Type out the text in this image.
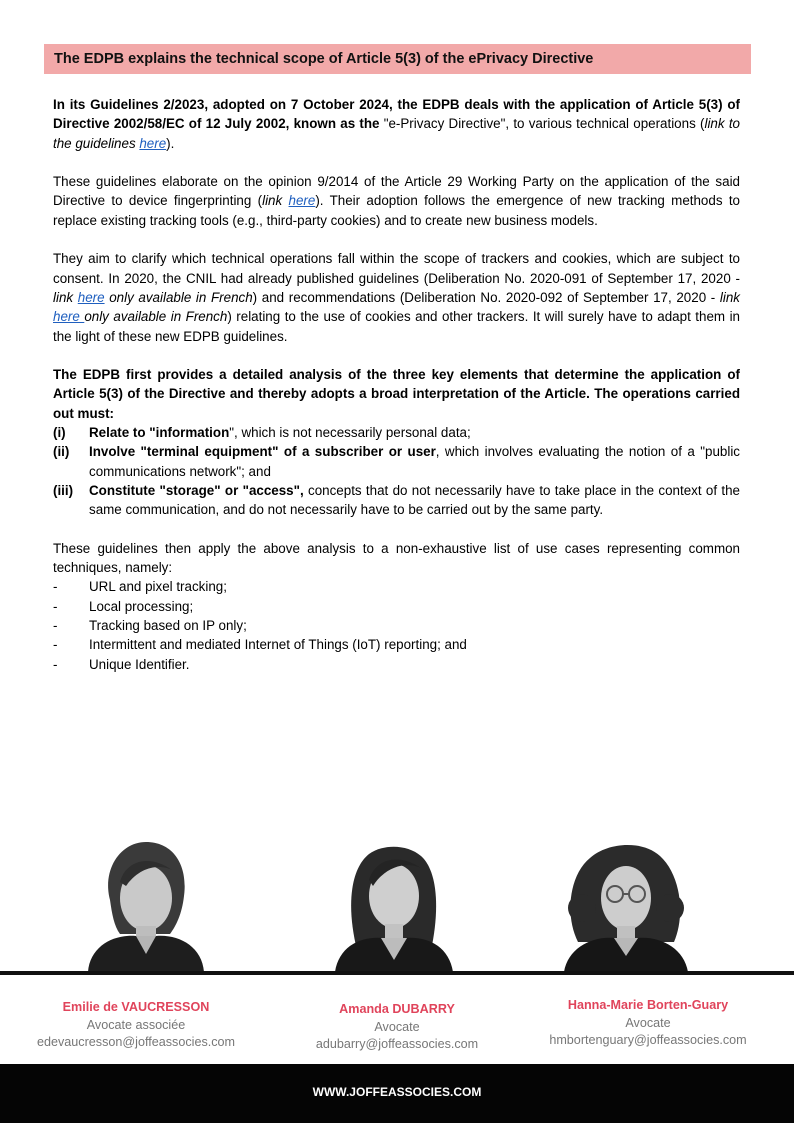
The EDPB explains the technical scope of Article 5(3) of the ePrivacy Directive

In its Guidelines 2/2023, adopted on 7 October 2024, the EDPB deals with the application of Article 5(3) of Directive 2002/58/EC of 12 July 2002, known as the "e-Privacy Directive", to various technical operations (link to the guidelines here).

These guidelines elaborate on the opinion 9/2014 of the Article 29 Working Party on the application of the said Directive to device fingerprinting (link here). Their adoption follows the emergence of new tracking methods to replace existing tracking tools (e.g., third-party cookies) and to create new business models.

They aim to clarify which technical operations fall within the scope of trackers and cookies, which are subject to consent. In 2020, the CNIL had already published guidelines (Deliberation No. 2020-091 of September 17, 2020 - link here only available in French) and recommendations (Deliberation No. 2020-092 of September 17, 2020 - link here only available in French) relating to the use of cookies and other trackers. It will surely have to adapt them in the light of these new EDPB guidelines.

The EDPB first provides a detailed analysis of the three key elements that determine the application of Article 5(3) of the Directive and thereby adopts a broad interpretation of the Article. The operations carried out must:

(i)	Relate to "information", which is not necessarily personal data;
(ii)	Involve "terminal equipment" of a subscriber or user, which involves evaluating the notion of a "public communications network"; and
(iii)	Constitute "storage" or "access", concepts that do not necessarily have to take place in the context of the same communication, and do not necessarily have to be carried out by the same party.

These guidelines then apply the above analysis to a non-exhaustive list of use cases representing common techniques, namely:

-	URL and pixel tracking;
-	Local processing;
-	Tracking based on IP only;
-	Intermittent and mediated Internet of Things (IoT) reporting; and
-	Unique Identifier.
Emilie de VAUCRESSON
Avocate associée
edevaucresson@joffeassocies.com
Amanda DUBARRY
Avocate
adubarry@joffeassocies.com
Hanna-Marie Borten-Guary
Avocate
hmbortenguary@joffeassocies.com
WWW.JOFFEASSOCIES.COM
